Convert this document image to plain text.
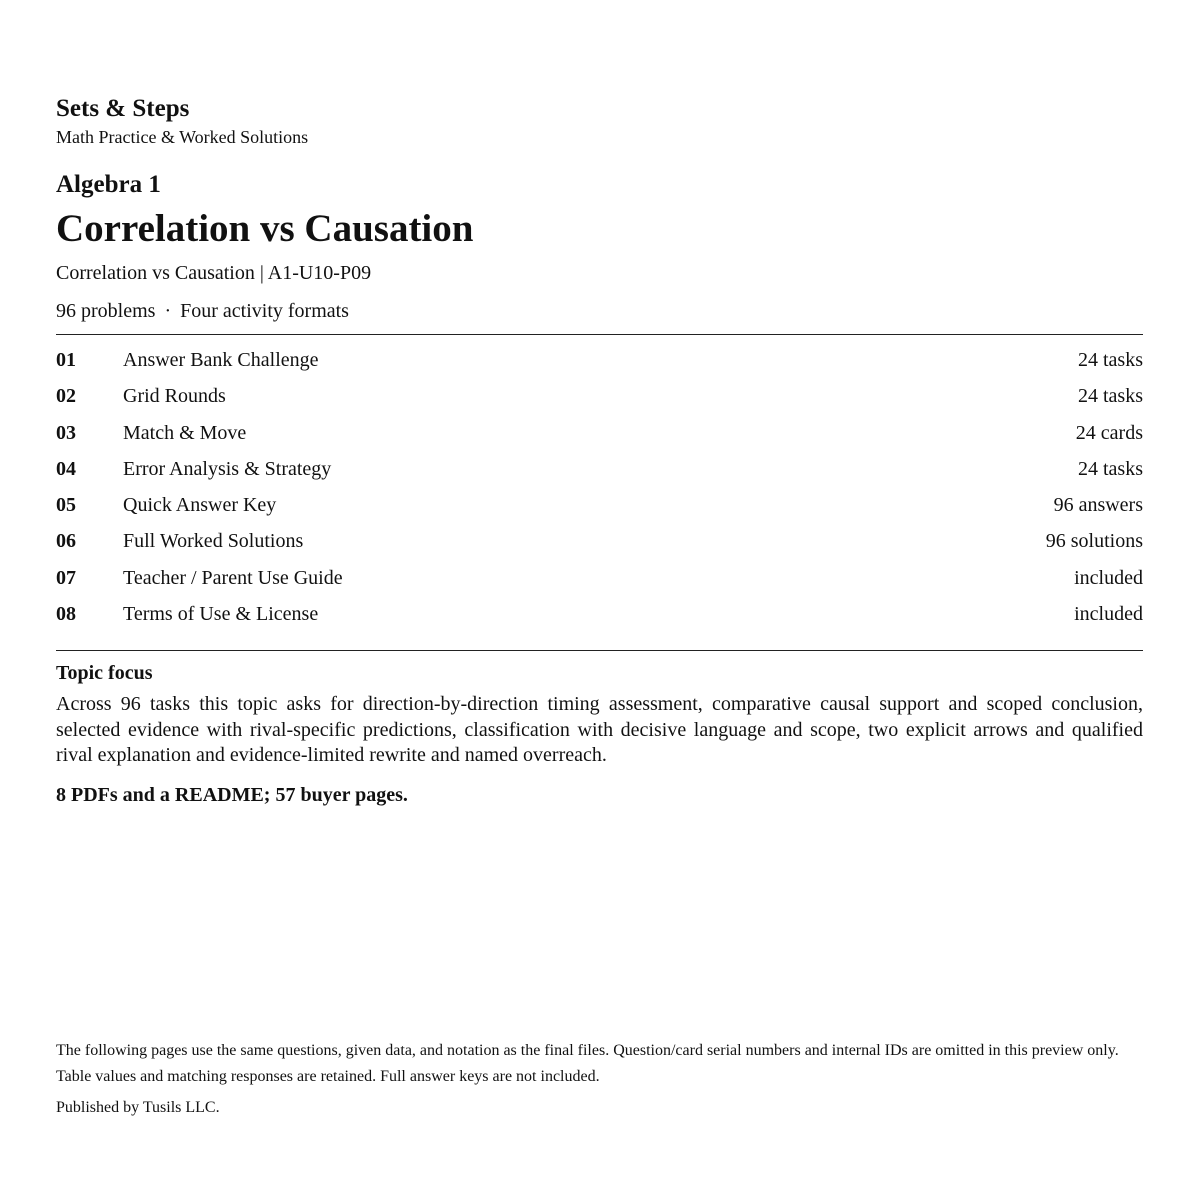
Sets & Steps
Math Practice & Worked Solutions
Algebra 1
Correlation vs Causation
Correlation vs Causation | A1-U10-P09
96 problems · Four activity formats
01 Answer Bank Challenge	24 tasks
02 Grid Rounds	24 tasks
03 Match & Move	24 cards
04 Error Analysis & Strategy	24 tasks
05 Quick Answer Key	96 answers
06 Full Worked Solutions	96 solutions
07 Teacher / Parent Use Guide	included
08 Terms of Use & License	included
Topic focus
Across 96 tasks this topic asks for direction-by-direction timing assessment, comparative causal support and scoped conclusion, selected evidence with rival-specific predictions, classification with decisive language and scope, two explicit arrows and qualified rival explanation and evidence-limited rewrite and named overreach.
8 PDFs and a README; 57 buyer pages.
The following pages use the same questions, given data, and notation as the final files. Question/card serial numbers and internal IDs are omitted in this preview only. Table values and matching responses are retained. Full answer keys are not included.
Published by Tusils LLC.
